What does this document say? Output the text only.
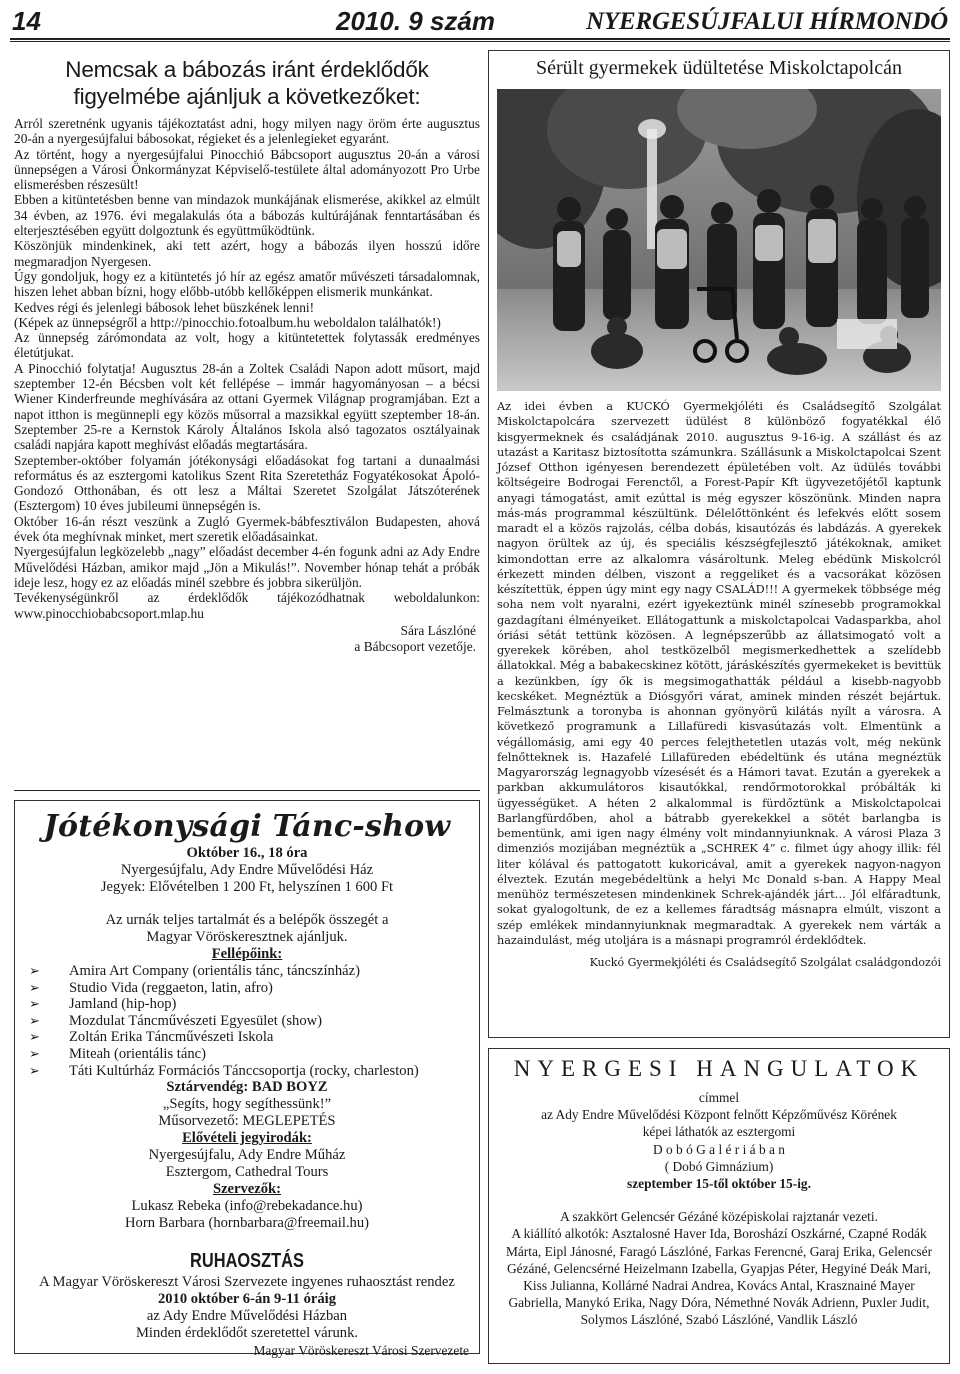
14	2010. 9 szám	NYERGESÚJFALUI HÍRMONDÓ
Nemcsak a bábozás iránt érdeklődők
figyelmébe ajánljuk a következőket:

Arról szeretnénk ugyanis tájékoztatást adni, hogy milyen nagy öröm érte augusztus 20-án a nyergesújfalui bábosokat, régieket és a jelenlegieket egyaránt.

Az történt, hogy a nyergesújfalui Pinocchió Bábcsoport augusztus 20-án a városi ünnepségen a Városi Önkormányzat Képviselő-testülete által adományozott Pro Urbe elismerésben részesült!

Ebben a kitüntetésben benne van mindazok munkájának elismerése, akikkel az elmúlt 34 évben, az 1976. évi megalakulás óta a bábozás kultúrájának fenntartásában és elterjesztésében együtt dolgoztunk és együttműködtünk.

Köszönjük mindenkinek, aki tett azért, hogy a bábozás ilyen hosszú időre megmaradjon Nyergesen.

Úgy gondoljuk, hogy ez a kitüntetés jó hír az egész amatőr művészeti társadalomnak, hiszen lehet abban bízni, hogy előbb-utóbb kellőképpen elismerik munkánkat.

Kedves régi és jelenlegi bábosok lehet büszkének lenni!

(Képek az ünnepségről a http://pinocchio.fotoalbum.hu weboldalon találhatók!)

Az ünnepség zárómondata az volt, hogy a kitüntetettek folytassák eredményes életútjukat.

A Pinocchió folytatja! Augusztus 28-án a Zoltek Családi Napon adott műsort, majd szeptember 12-én Bécsben volt két fellépése – immár hagyományosan – a bécsi Wiener Kinderfreunde meghívására az ottani Gyermek Világnap programjában. Ezt a napot itthon is megünnepli egy közös műsorral a mazsikkal együtt szeptember 18-án. Szeptember 25-re a Kernstok Károly Általános Iskola alsó tagozatos osztályainak családi napjára kapott meghívást előadás megtartására.

Szeptember-október folyamán jótékonysági előadásokat fog tartani a dunaalmási református és az esztergomi katolikus Szent Rita Szeretetház Fogyatékosokat Ápoló-Gondozó Otthonában, és ott lesz a Máltai Szeretet Szolgálat Játszóterének (Esztergom) 10 éves jubileumi ünnepségén is.

Október 16-án részt veszünk a Zugló Gyermek-bábfesztiválon Budapesten, ahová évek óta meghívnak minket, mert szeretik előadásainkat.

Nyergesújfalun legközelebb „nagy” előadást december 4-én fogunk adni az Ady Endre Művelődési Házban, amikor majd „Jön a Mikulás!”. November hónap tehát a próbák ideje lesz, hogy ez az előadás minél szebbre és jobbra sikerüljön.

Tevékenységünkről az érdeklődők tájékozódhatnak weboldalunkon: www.pinocchiobabcsoport.mlap.hu

Sára Lászlóné
a Bábcsoport vezetője.
Jótékonysági Tánc-show
Október 16., 18 óra
Nyergesújfalu, Ady Endre Művelődési Ház
Jegyek: Elővételben 1 200 Ft, helyszínen 1 600 Ft
Az urnák teljes tartalmát és a belépők összegét a
Magyar Vöröskeresztnek ajánljuk.
Fellépőink:
➢ Amira Art Company (orientális tánc, táncszínház)
➢ Studio Vida (reggaeton, latin, afro)
➢ Jamland (hip-hop)
➢ Mozdulat Táncművészeti Egyesület (show)
➢ Zoltán Erika Táncművészeti Iskola
➢ Miteah (orientális tánc)
➢ Táti Kultúrház Formációs Tánccsoportja (rocky, charleston)
Sztárvendég: BAD BOYZ
„Segíts, hogy segíthessünk!”
Műsorvezető: MEGLEPETÉS
Elővételi jegyirodák:
Nyergesújfalu, Ady Endre Műház
Esztergom, Cathedral Tours
Szervezők:
Lukasz Rebeka (info@rebekadance.hu)
Horn Barbara (hornbarbara@freemail.hu)
RUHAOSZTÁS
A Magyar Vöröskereszt Városi Szervezete ingyenes ruhaosztást rendez
2010 október 6-án 9-11 óráig
az Ady Endre Művelődési Házban
Minden érdeklődőt szeretettel várunk.
Magyar Vöröskereszt Városi Szervezete
Sérült gyermekek üdültetése Miskolctapolcán
Az idei évben a KUCKÓ Gyermekjóléti és Családsegítő Szolgálat Miskolctapolcára szervezett üdülést 8 különböző fogyatékkal élő kisgyermeknek és családjának 2010. augusztus 9-16-ig. A szállást és az utazást a Karitasz biztosította számunkra. Szállásunk a Miskolctapolcai Szent József Otthon igényesen berendezett épületében volt. Az üdülés további költségeire Bodrogai Ferenctől, a Forest-Papír Kft ügyvezetőjétől kaptunk anyagi támogatást, amit ezúttal is még egyszer köszönünk. Minden napra más-más programmal készültünk. Délelőttönként és lefekvés előtt sosem maradt el a közös rajzolás, célba dobás, kisautózás és labdázás. A gyerekek nagyon örültek az új, és speciális készségfejlesztő játékoknak, amiket kimondottan erre az alkalomra vásároltunk. Meleg ebédünk Miskolcról érkezett minden délben, viszont a reggeliket és a vacsorákat közösen készítettük, éppen úgy mint egy nagy CSALÁD!!! A gyermekek többsége még soha nem volt nyaralni, ezért igyekeztünk minél színesebb programokkal gazdagítani élményeiket. Ellátogattunk a miskolctapolcai Vadasparkba, ahol óriási sétát tettünk közösen. A legnépszerűbb az állatsimogató volt a gyerekek körében, ahol testközelből megismerkedhettek a szelídebb állatokkal. Még a babakecskinez kötött, járáskészítés gyermekeket is bevittük a kezünkben, így ők is megsimogathatták például a kisebb-nagyobb kecskéket. Megnéztük a Diósgyőri várat, aminek minden részét bejártuk. Felmásztunk a toronyba is ahonnan gyönyörű kilátás nyílt a városra. A következő programunk a Lillafüredi kisvasútazás volt. Elmentünk a végállomásig, ami egy 40 perces felejthetetlen utazás volt, még nekünk felnőtteknek is. Hazafelé Lillafüreden ebédeltünk és utána megnéztük Magyarország legnagyobb vízesését és a Hámori tavat. Ezután a gyerekek a parkban akkumulátoros kisautókkal, rendőrmotorokkal próbálták ki ügyességüket. A héten 2 alkalommal is fürdőztünk a Miskolctapolcai Barlangfürdőben, ahol a bátrabb gyerekekkel a sötét barlangba is bementünk, ami igen nagy élmény volt mindannyiunknak. A városi Plaza 3 dimenziós mozijában megnéztük a „SCHREK 4” c. filmet úgy ahogy illik: fél liter kólával és pattogatott kukoricával, amit a gyerekek nagyon-nagyon élveztek. Ezután megebédeltünk a helyi Mc Donald s-ban. A Happy Meal menühöz természetesen mindenkinek Schrek-ajándék járt… Jól elfáradtunk, sokat gyalogoltunk, de ez a kellemes fáradtság másnapra elmúlt, viszont a szép emlékek mindannyiunknak megmaradtak. A gyerekek nem várták a hazaindulást, még utoljára is a másnapi programról érdeklődtek.
Kuckó Gyermekjóléti és Családsegítő Szolgálat családgondozói
NYERGESI HANGULATOK
címmel
az Ady Endre Művelődési Központ felnőtt Képzőművész Körének
képei láthatók az esztergomi
D o b ó G a l é r i á b a n
( Dobó Gimnázium)
szeptember 15-től október 15-ig.
A szakkört Gelencsér Gézáné középiskolai rajztanár vezeti.
A kiállító alkotók: Asztalosné Haver Ida, Boroshází Oszkárné, Czapné Rodák Márta, Eipl Jánosné, Faragó Lászlóné, Farkas Ferencné, Garaj Erika, Gelencsér Gézáné, Gelencsérné Heizelmann Izabella, Gyapjas Péter, Hegyiné Deák Mari, Kiss Julianna, Kollárné Nadrai Andrea, Kovács Antal, Krasznainé Mayer Gabriella, Manykó Erika, Nagy Dóra, Némethné Novák Adrienn, Puxler Judit, Solymos Lászlóné, Szabó Lászlóné, Vandlik László
